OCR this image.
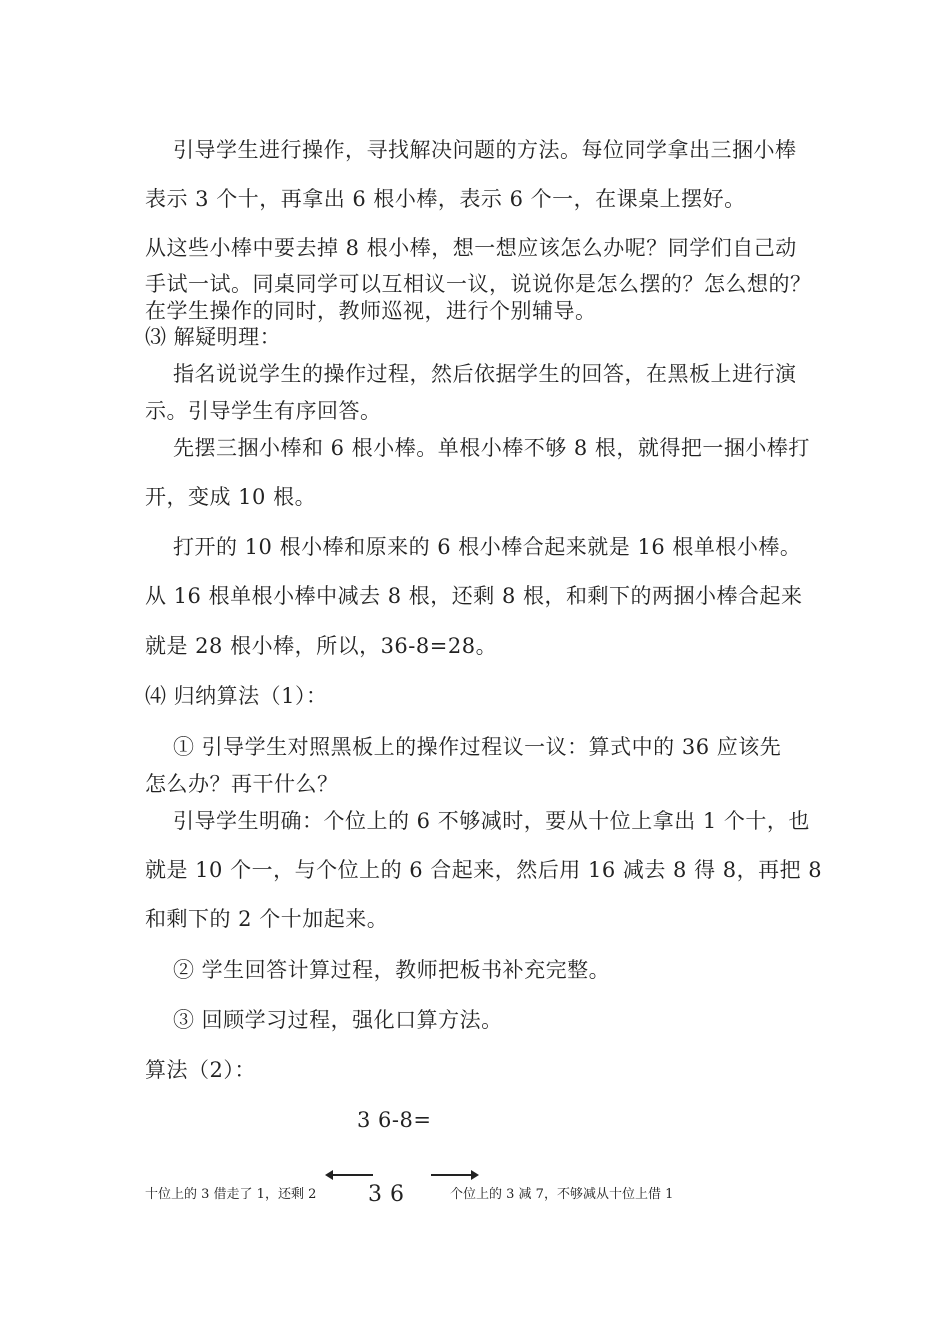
引导学生进行操作，寻找解决问题的方法。每位同学拿出三捆小棒
表示 3 个十，再拿出 6 根小棒，表示 6 个一，在课桌上摆好。
从这些小棒中要去掉 8 根小棒，想一想应该怎么办呢？同学们自己动
手试一试。同桌同学可以互相议一议，说说你是怎么摆的？怎么想的？
在学生操作的同时，教师巡视，进行个别辅导。
⑶ 解疑明理：
指名说说学生的操作过程，然后依据学生的回答，在黑板上进行演
示。引导学生有序回答。
先摆三捆小棒和 6 根小棒。单根小棒不够 8 根，就得把一捆小棒打
开，变成 10 根。
打开的 10 根小棒和原来的 6 根小棒合起来就是 16 根单根小棒。
从 16 根单根小棒中减去 8 根，还剩 8 根，和剩下的两捆小棒合起来
就是 28 根小棒，所以，36-8=28。
⑷ 归纳算法（1）：
① 引导学生对照黑板上的操作过程议一议：算式中的 36 应该先
怎么办？再干什么？
引导学生明确：个位上的 6 不够减时，要从十位上拿出 1 个十，也
就是 10 个一，与个位上的 6 合起来，然后用 16 减去 8 得 8，再把 8
和剩下的 2 个十加起来。
② 学生回答计算过程，教师把板书补充完整。
③ 回顾学习过程，强化口算方法。
算法（2）：
3 6-8=
十位上的 3 借走了 1，还剩 2 3 6	个位上的 3 减 7，不够减从十位上借 1
